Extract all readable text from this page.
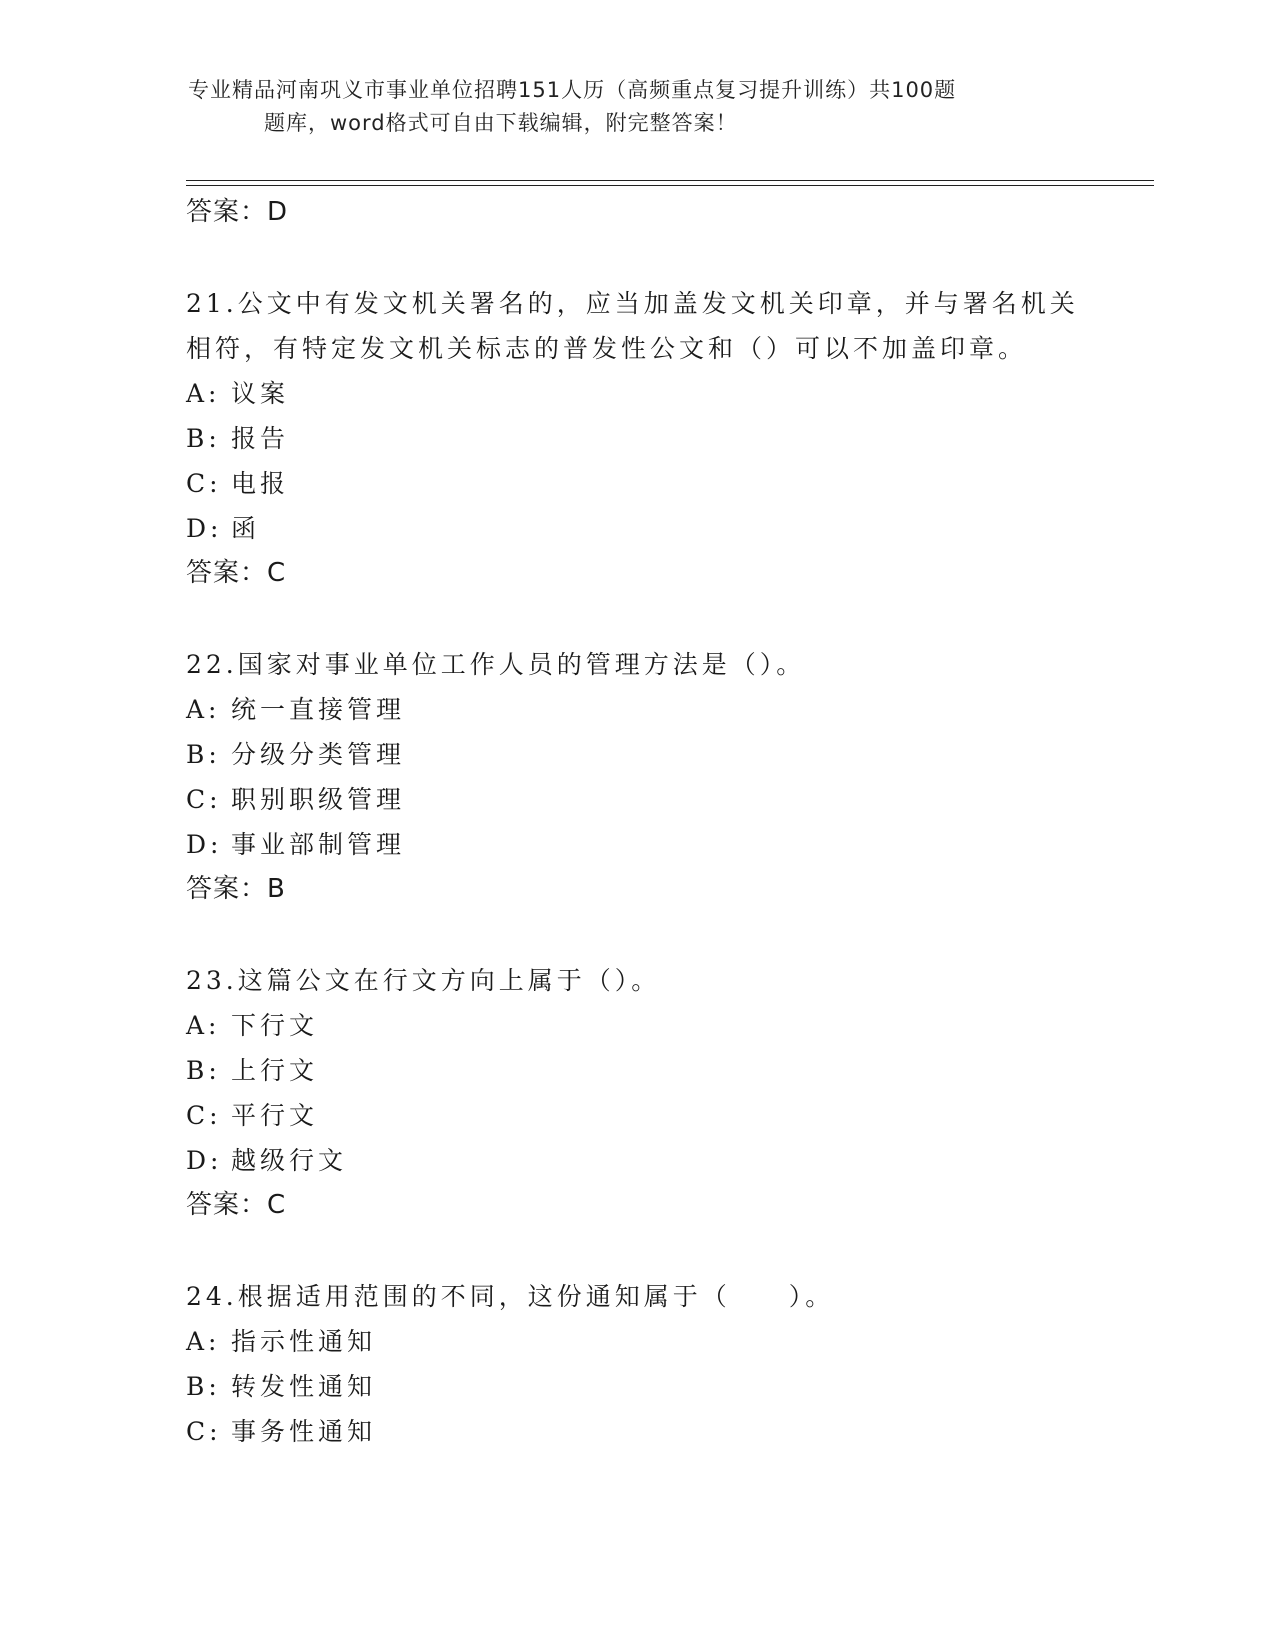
专业精品河南巩义市事业单位招聘151人历（高频重点复习提升训练）共100题
题库，word格式可自由下载编辑，附完整答案！
答案：D
21.公文中有发文机关署名的，应当加盖发文机关印章，并与署名机关相符，有特定发文机关标志的普发性公文和（）可以不加盖印章。
A: 议案
B: 报告
C: 电报
D: 函
答案：C
22.国家对事业单位工作人员的管理方法是（）。
A: 统一直接管理
B: 分级分类管理
C: 职别职级管理
D: 事业部制管理
答案：B
23.这篇公文在行文方向上属于（）。
A: 下行文
B: 上行文
C: 平行文
D: 越级行文
答案：C
24.根据适用范围的不同，这份通知属于（　　）。
A: 指示性通知
B: 转发性通知
C: 事务性通知
